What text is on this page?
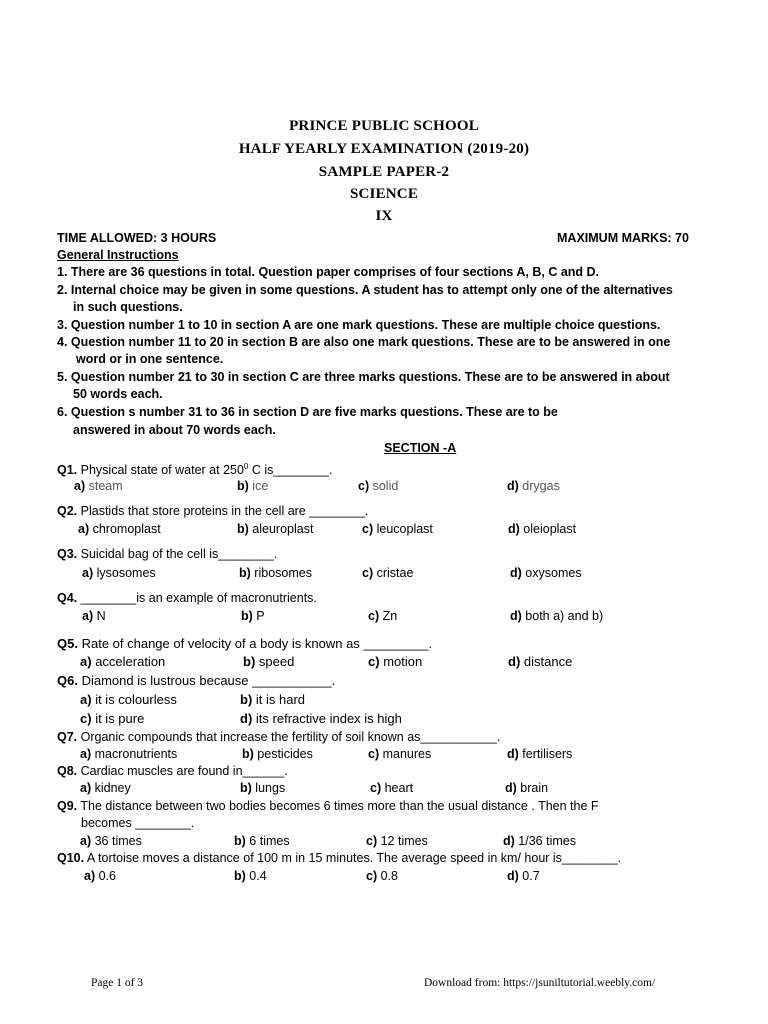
PRINCE PUBLIC SCHOOL
HALF YEARLY EXAMINATION (2019-20)
SAMPLE PAPER-2
SCIENCE
IX
TIME ALLOWED: 3 HOURS	MAXIMUM MARKS: 70
General Instructions
1. There are 36 questions in total. Question paper comprises of four sections A, B, C and D.
2. Internal choice may be given in some questions. A student has to attempt only one of the alternatives
in such questions.
3. Question number 1 to 10 in section A are one mark questions. These are multiple choice questions.
4. Question number 11 to 20 in section B are also one mark questions. These are to be answered in one
word or in one sentence.
5. Question number 21 to 30 in section C are three marks questions. These are to be answered in about
50 words each.
6. Question s number 31 to 36 in section D are five marks questions. These are to be
answered in about 70 words each.
SECTION -A
Q1. Physical state of water at $250^0$ C is________.
a) steam	b) ice	c) solid	d) drygas
Q2. Plastids that store proteins in the cell are ________.
a) chromoplast	b) aleuroplast	c) leucoplast	d) oleioplast
Q3. Suicidal bag of the cell is________.
a) lysosomes	b) ribosomes	c) cristae	d) oxysomes
Q4. ________is an example of macronutrients.
a) N	b) P	c) Zn	d) both a) and b)
Q5. Rate of change of velocity of a body is known as _________.
a) acceleration	b) speed	c) motion	d) distance
Q6. Diamond is lustrous because ___________.
a) it is colourless	b) it is hard
c) it is pure	d) its refractive index is high
Q7. Organic compounds that increase the fertility of soil known as___________.
a) macronutrients	b) pesticides	c) manures	d) fertilisers
Q8. Cardiac muscles are found in______.
a) kidney	b) lungs	c) heart	d) brain
Q9. The distance between two bodies becomes 6 times more than the usual distance . Then the F
becomes ________.
a) 36 times	b) 6 times	c) 12 times	d) 1/36 times
Q10. A tortoise moves a distance of 100 m in 15 minutes. The average speed in km/ hour is________.
a) 0.6	b) 0.4	c) 0.8	d) 0.7
Page 1 of 3	Download from: https://jsuniltutorial.weebly.com/
